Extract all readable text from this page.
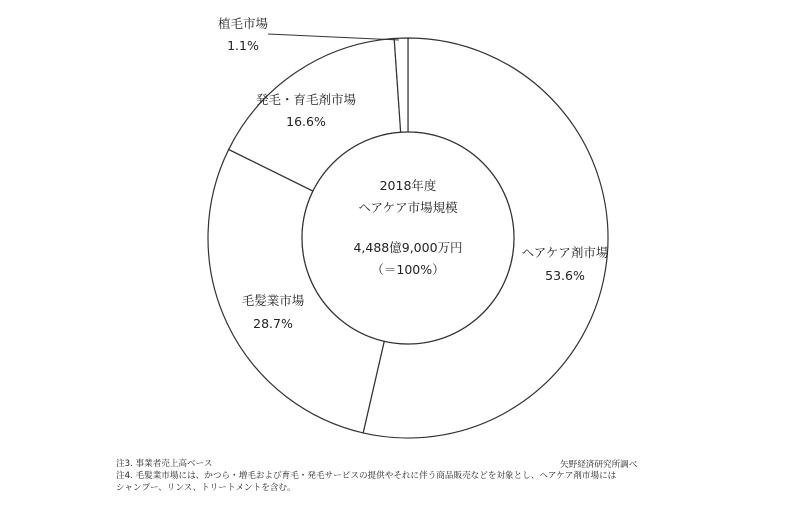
2018年度
ヘアケア市場規模
4,488億9,000万円
（＝100%）
ヘアケア剤市場
53.6%
毛髪業市場
28.7%
発毛・育毛剤市場
16.6%
植毛市場
1.1%
注3. 事業者売上高ベース
注4. 毛髪業市場には、かつら・増毛および育毛・発毛サービスの提供やそれに伴う商品販売などを対象とし、ヘアケア剤市場には
シャンプー、リンス、トリートメントを含む。
矢野経済研究所調べ
